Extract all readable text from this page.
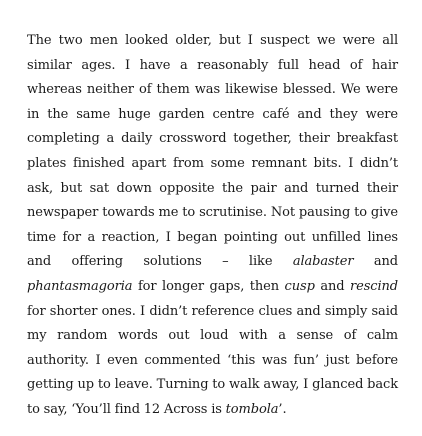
The two men looked older, but I suspect we were all similar ages. I have a reasonably full head of hair whereas neither of them was likewise blessed. We were in the same huge garden centre café and they were completing a daily crossword together, their breakfast plates finished apart from some remnant bits. I didn’t ask, but sat down opposite the pair and turned their newspaper towards me to scrutinise. Not pausing to give time for a reaction, I began pointing out unfilled lines and offering solutions – like alabaster and phantasmagoria for longer gaps, then cusp and rescind for shorter ones. I didn’t reference clues and simply said my random words out loud with a sense of calm authority. I even commented ‘this was fun’ just before getting up to leave. Turning to walk away, I glanced back to say, ‘You’ll find 12 Across is tombola’.
